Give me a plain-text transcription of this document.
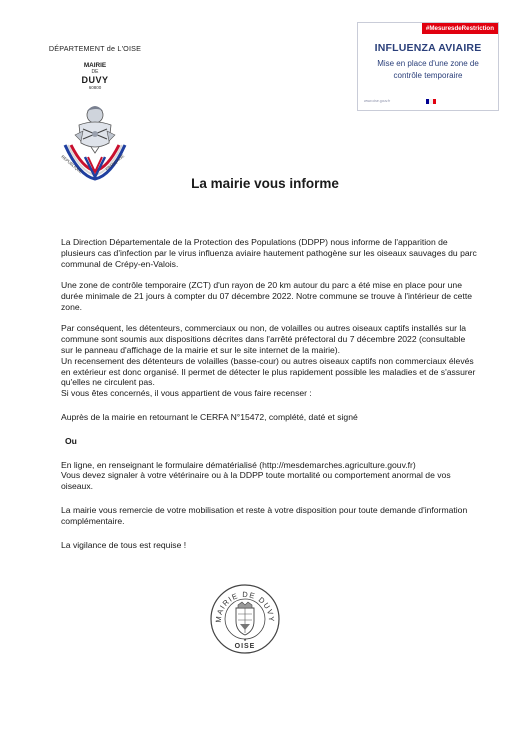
DÉPARTEMENT de L'OISE
MAIRIE
DE
DUVY
60800
REPUBLIQUE	FRANÇAISE
#MesuresdeRestriction
INFLUENZA AVIAIRE
Mise en place d'une zone de contrôle temporaire
www.oise.gouv.fr
La mairie vous informe

La Direction Départementale de la Protection des Populations (DDPP) nous informe de l'apparition de plusieurs cas d'infection par le virus influenza aviaire hautement pathogène sur les oiseaux sauvages du parc communal de Crépy-en-Valois.

Une zone de contrôle temporaire (ZCT) d'un rayon de 20 km autour du parc a été mise en place pour une durée minimale de 21 jours à compter du 07 décembre 2022. Notre commune se trouve à l'intérieur de cette zone.

Par conséquent, les détenteurs, commerciaux ou non, de volailles ou autres oiseaux captifs installés sur la commune sont soumis aux dispositions décrites dans l'arrêté préfectoral du 7 décembre 2022 (consultable sur le panneau d'affichage de la mairie et sur le site internet de la mairie).

Un recensement des détenteurs de volailles (basse-cour) ou autres oiseaux captifs non commerciaux élevés en extérieur est donc organisé. Il permet de détecter le plus rapidement possible les maladies et de s'assurer qu'elles ne circulent pas.

Si vous êtes concernés, il vous appartient de vous faire recenser :

Auprès de la mairie en retournant le CERFA N°15472, complété, daté et signé

Ou

En ligne, en renseignant le formulaire dématérialisé (http://mesdemarches.agriculture.gouv.fr)

Vous devez signaler à votre vétérinaire ou à la DDPP toute mortalité ou comportement anormal de vos oiseaux.

La mairie vous remercie de votre mobilisation et reste à votre disposition pour toute demande d'information complémentaire.

La vigilance de tous est requise !

MAIRIE DE DUVY
OISE
★
